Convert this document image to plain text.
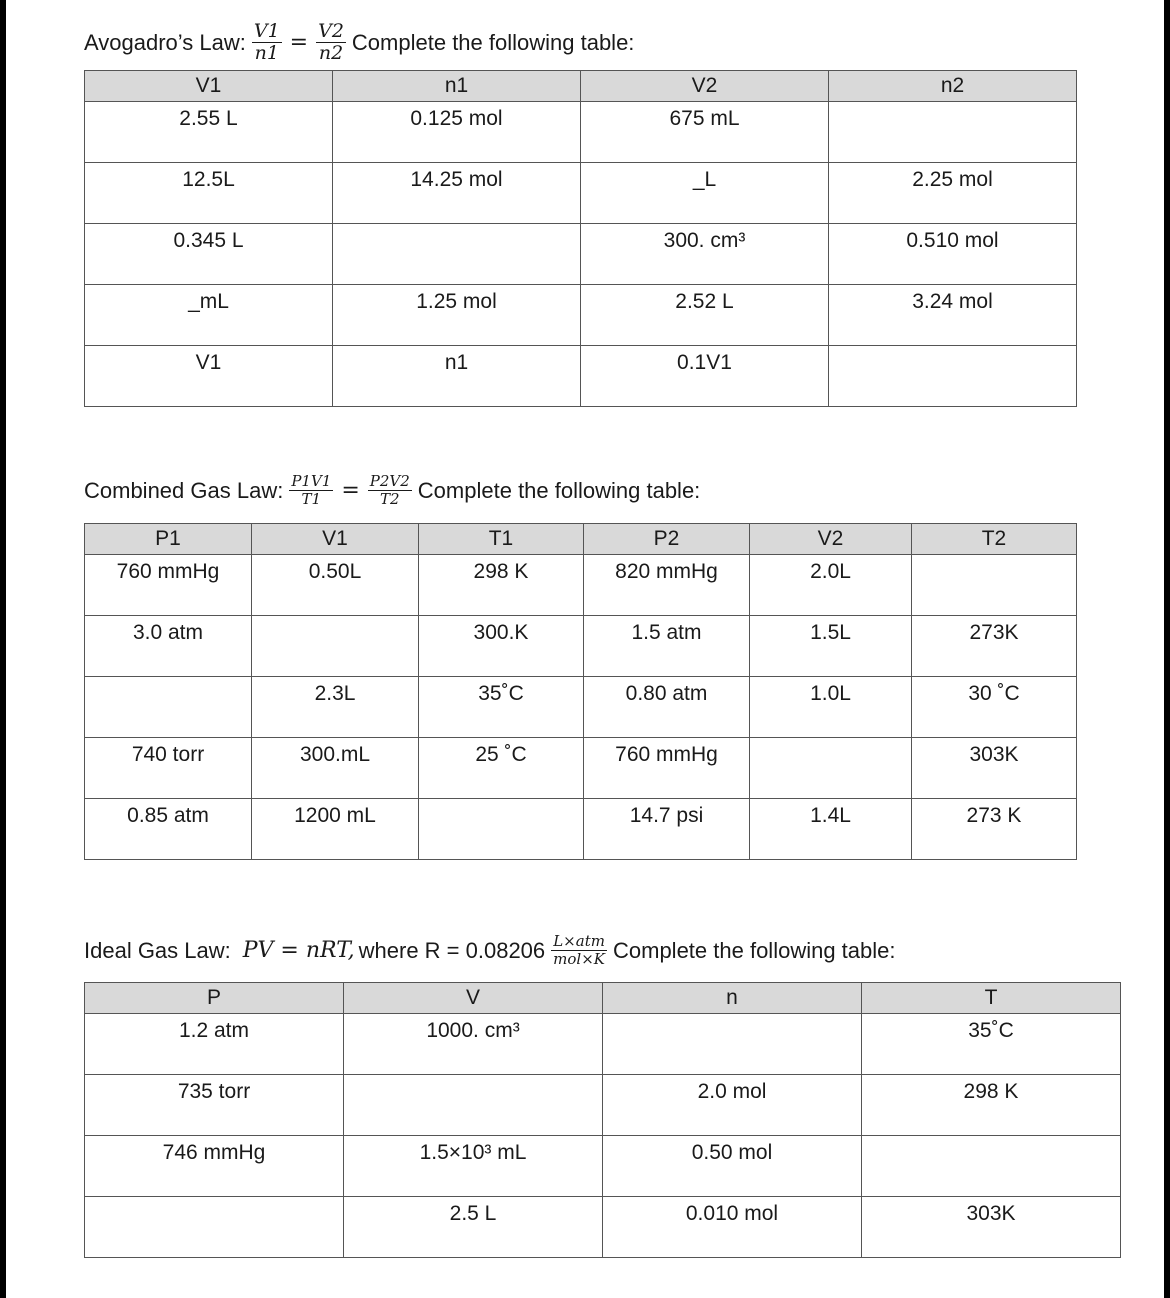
Avogadro’s Law: $\frac{V1}{n1} = \frac{V2}{n2}$ Complete the following table:
V1	n1	V2	n2
2.55 L	0.125 mol	675 mL	
12.5L	14.25 mol	_L	2.25 mol
0.345 L		300. cm³	0.510 mol
_mL	1.25 mol	2.52 L	3.24 mol
V1	n1	0.1V1	
Combined Gas Law: $\frac{P1V1}{T1} = \frac{P2V2}{T2}$ Complete the following table:
P1	V1	T1	P2	V2	T2
760 mmHg	0.50L	298 K	820 mmHg	2.0L	
3.0 atm		300.K	1.5 atm	1.5L	273K
	2.3L	35˚C	0.80 atm	1.0L	30 ˚C
740 torr	300.mL	25 ˚C	760 mmHg		303K
0.85 atm	1200 mL		14.7 psi	1.4L	273 K
Ideal Gas Law: PV = nRT, where $R = 0.08206 \frac{\text{L×atm}}{\text{mol×K}}$ Complete the following table:
P	V	n	T
1.2 atm	1000. cm³		35˚C
735 torr		2.0 mol	298 K
746 mmHg	1.5×10³ mL	0.50 mol	
	2.5 L	0.010 mol	303K
